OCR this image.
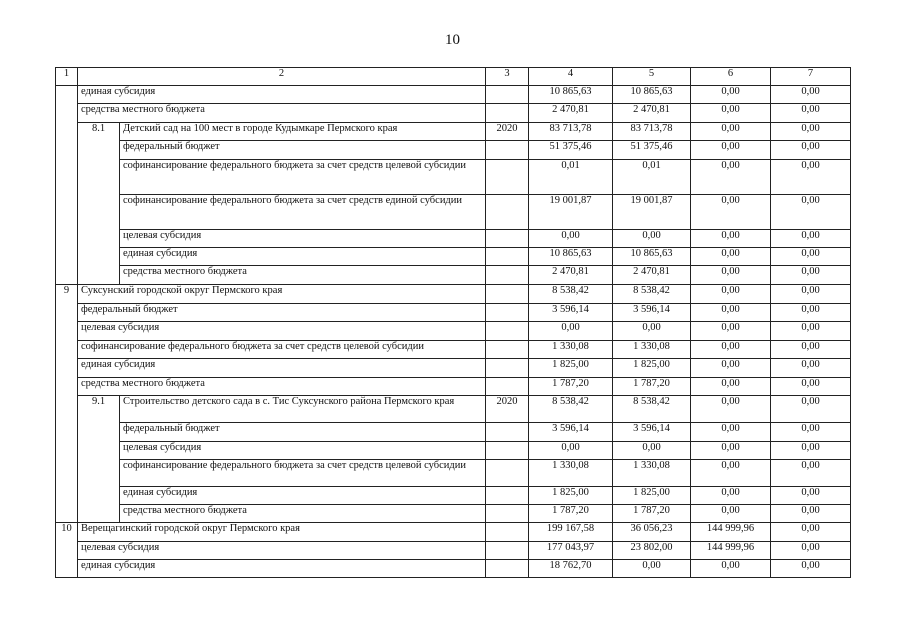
10
1	2		3	4	5	6	7
	единая субсидия			10 865,63	10 865,63	0,00	0,00
	средства местного бюджета			2 470,81	2 470,81	0,00	0,00
	8.1	Детский сад на 100 мест в городе Кудымкаре Пермского края	2020	83 713,78	83 713,78	0,00	0,00
		федеральный бюджет		51 375,46	51 375,46	0,00	0,00
		софинансирование федерального бюджета за счет средств целевой субсидии		0,01	0,01	0,00	0,00
		софинансирование федерального бюджета за счет средств единой субсидии		19 001,87	19 001,87	0,00	0,00
		целевая субсидия		0,00	0,00	0,00	0,00
		единая субсидия		10 865,63	10 865,63	0,00	0,00
		средства местного бюджета		2 470,81	2 470,81	0,00	0,00
9	Суксунский городской округ Пермского края			8 538,42	8 538,42	0,00	0,00
	федеральный бюджет			3 596,14	3 596,14	0,00	0,00
	целевая субсидия			0,00	0,00	0,00	0,00
	софинансирование федерального бюджета за счет средств целевой субсидии			1 330,08	1 330,08	0,00	0,00
	единая субсидия			1 825,00	1 825,00	0,00	0,00
	средства местного бюджета			1 787,20	1 787,20	0,00	0,00
	9.1	Строительство детского сада в с. Тис Суксунского района Пермского края	2020	8 538,42	8 538,42	0,00	0,00
		федеральный бюджет		3 596,14	3 596,14	0,00	0,00
		целевая субсидия		0,00	0,00	0,00	0,00
		софинансирование федерального бюджета за счет средств целевой субсидии		1 330,08	1 330,08	0,00	0,00
		единая субсидия		1 825,00	1 825,00	0,00	0,00
		средства местного бюджета		1 787,20	1 787,20	0,00	0,00
10	Верещагинский городской округ Пермского края			199 167,58	36 056,23	144 999,96	0,00
	целевая субсидия			177 043,97	23 802,00	144 999,96	0,00
	единая субсидия			18 762,70	0,00	0,00	0,00
